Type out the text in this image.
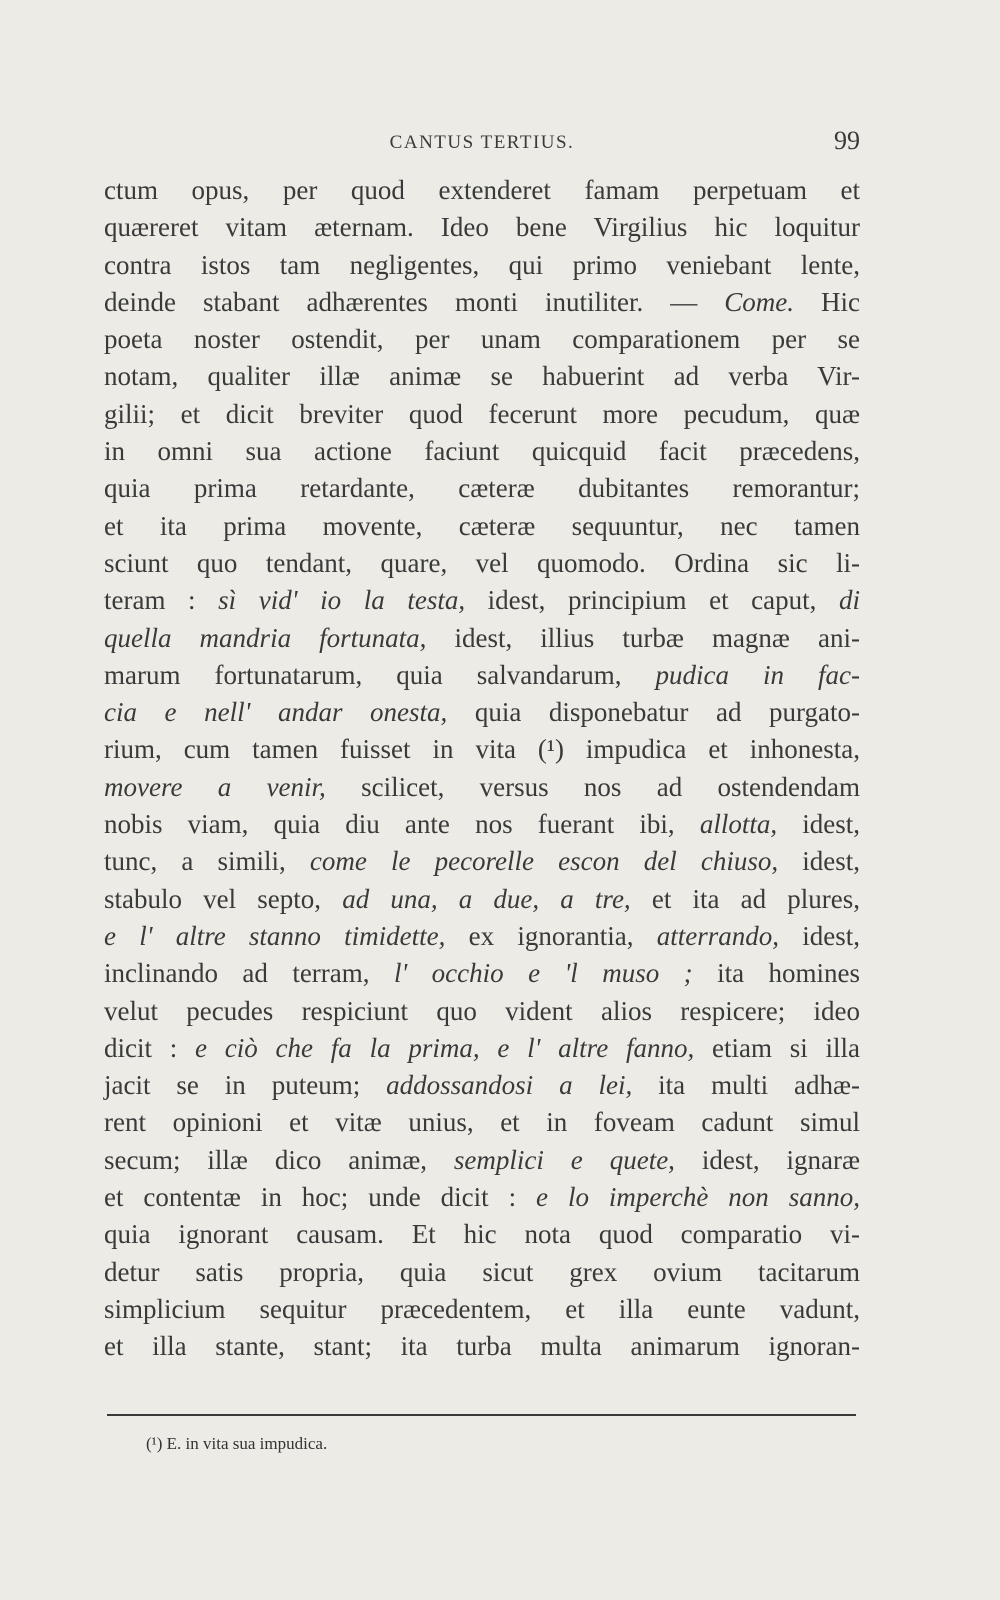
CANTUS TERTIUS.	99
ctum opus, per quod extenderet famam perpetuam et
quæreret vitam æternam. Ideo bene Virgilius hic loquitur
contra istos tam negligentes, qui primo veniebant lente,
deinde stabant adhærentes monti inutiliter. — Come. Hic
poeta noster ostendit, per unam comparationem per se
notam, qualiter illæ animæ se habuerint ad verba Vir-
gilii; et dicit breviter quod fecerunt more pecudum, quæ
in omni sua actione faciunt quicquid facit præcedens,
quia prima retardante, cæteræ dubitantes remorantur;
et ita prima movente, cæteræ sequuntur, nec tamen
sciunt quo tendant, quare, vel quomodo. Ordina sic li-
teram : sì vid' io la testa, idest, principium et caput, di
quella mandria fortunata, idest, illius turbæ magnæ ani-
marum fortunatarum, quia salvandarum, pudica in fac-
cia e nell' andar onesta, quia disponebatur ad purgato-
rium, cum tamen fuisset in vita (¹) impudica et inhonesta,
movere a venir, scilicet, versus nos ad ostendendam
nobis viam, quia diu ante nos fuerant ibi, allotta, idest,
tunc, a simili, come le pecorelle escon del chiuso, idest,
stabulo vel septo, ad una, a due, a tre, et ita ad plures,
e l' altre stanno timidette, ex ignorantia, atterrando, idest,
inclinando ad terram, l' occhio e 'l muso ; ita homines
velut pecudes respiciunt quo vident alios respicere; ideo
dicit : e ciò che fa la prima, e l' altre fanno, etiam si illa
jacit se in puteum; addossandosi a lei, ita multi adhæ-
rent opinioni et vitæ unius, et in foveam cadunt simul
secum; illæ dico animæ, semplici e quete, idest, ignaræ
et contentæ in hoc; unde dicit : e lo imperchè non sanno,
quia ignorant causam. Et hic nota quod comparatio vi-
detur satis propria, quia sicut grex ovium tacitarum
simplicium sequitur præcedentem, et illa eunte vadunt,
et illa stante, stant; ita turba multa animarum ignoran-
(¹) E. in vita sua impudica.
